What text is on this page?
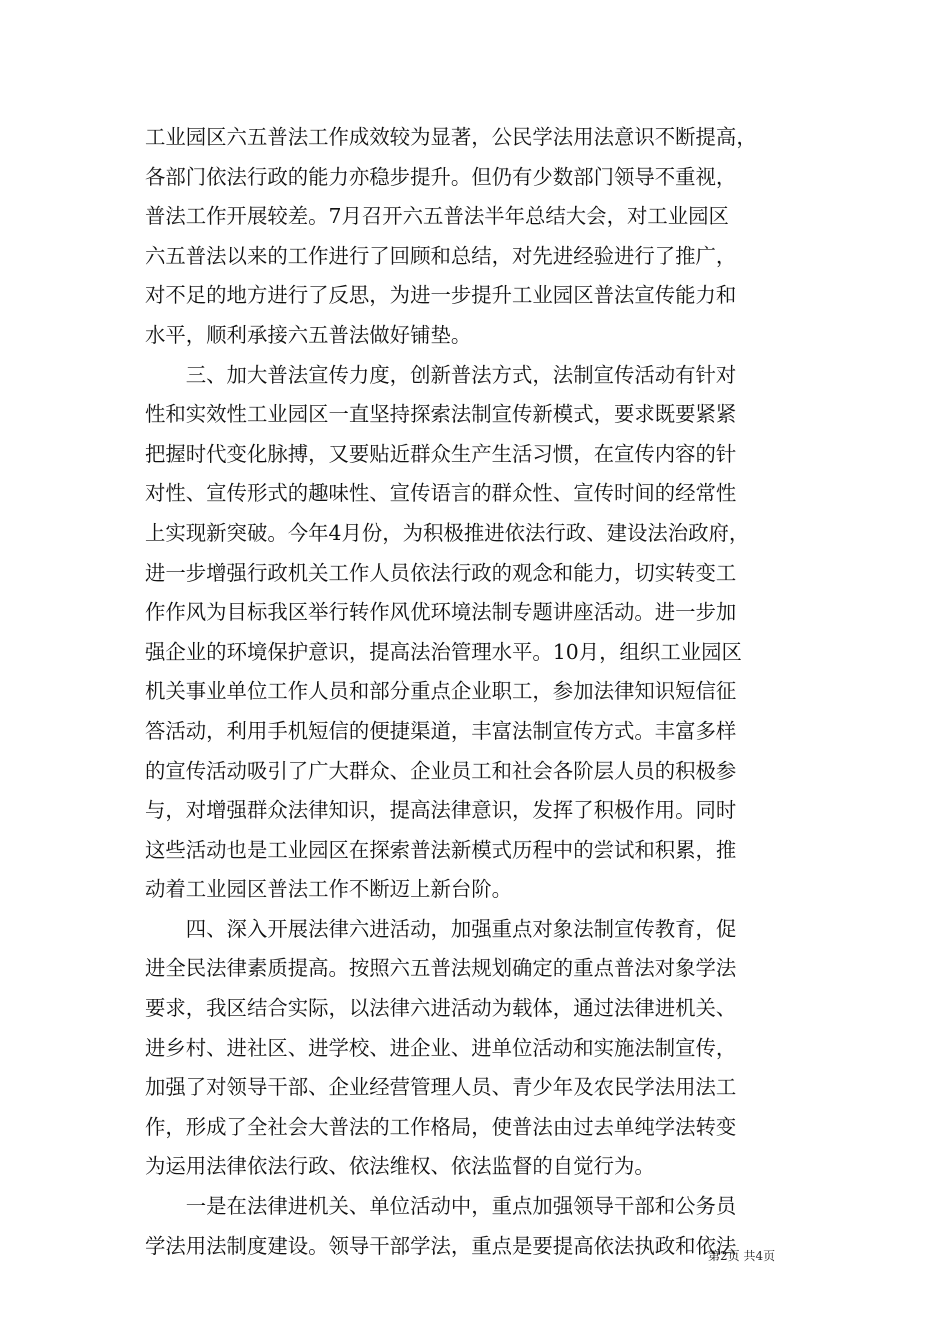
工业园区六五普法工作成效较为显著，公民学法用法意识不断提高，
各部门依法行政的能力亦稳步提升。但仍有少数部门领导不重视，
普法工作开展较差。7月召开六五普法半年总结大会，对工业园区
六五普法以来的工作进行了回顾和总结，对先进经验进行了推广，
对不足的地方进行了反思，为进一步提升工业园区普法宣传能力和
水平，顺利承接六五普法做好铺垫。
　　三、加大普法宣传力度，创新普法方式，法制宣传活动有针对
性和实效性工业园区一直坚持探索法制宣传新模式，要求既要紧紧
把握时代变化脉搏，又要贴近群众生产生活习惯，在宣传内容的针
对性、宣传形式的趣味性、宣传语言的群众性、宣传时间的经常性
上实现新突破。今年4月份，为积极推进依法行政、建设法治政府，
进一步增强行政机关工作人员依法行政的观念和能力，切实转变工
作作风为目标我区举行转作风优环境法制专题讲座活动。进一步加
强企业的环境保护意识，提高法治管理水平。10月，组织工业园区
机关事业单位工作人员和部分重点企业职工，参加法律知识短信征
答活动，利用手机短信的便捷渠道，丰富法制宣传方式。丰富多样
的宣传活动吸引了广大群众、企业员工和社会各阶层人员的积极参
与，对增强群众法律知识，提高法律意识，发挥了积极作用。同时
这些活动也是工业园区在探索普法新模式历程中的尝试和积累，推
动着工业园区普法工作不断迈上新台阶。
　　四、深入开展法律六进活动，加强重点对象法制宣传教育，促
进全民法律素质提高。按照六五普法规划确定的重点普法对象学法
要求，我区结合实际，以法律六进活动为载体，通过法律进机关、
进乡村、进社区、进学校、进企业、进单位活动和实施法制宣传，
加强了对领导干部、企业经营管理人员、青少年及农民学法用法工
作，形成了全社会大普法的工作格局，使普法由过去单纯学法转变
为运用法律依法行政、依法维权、依法监督的自觉行为。
　　一是在法律进机关、单位活动中，重点加强领导干部和公务员
学法用法制度建设。领导干部学法，重点是要提高依法执政和依法
第2页 共4页
